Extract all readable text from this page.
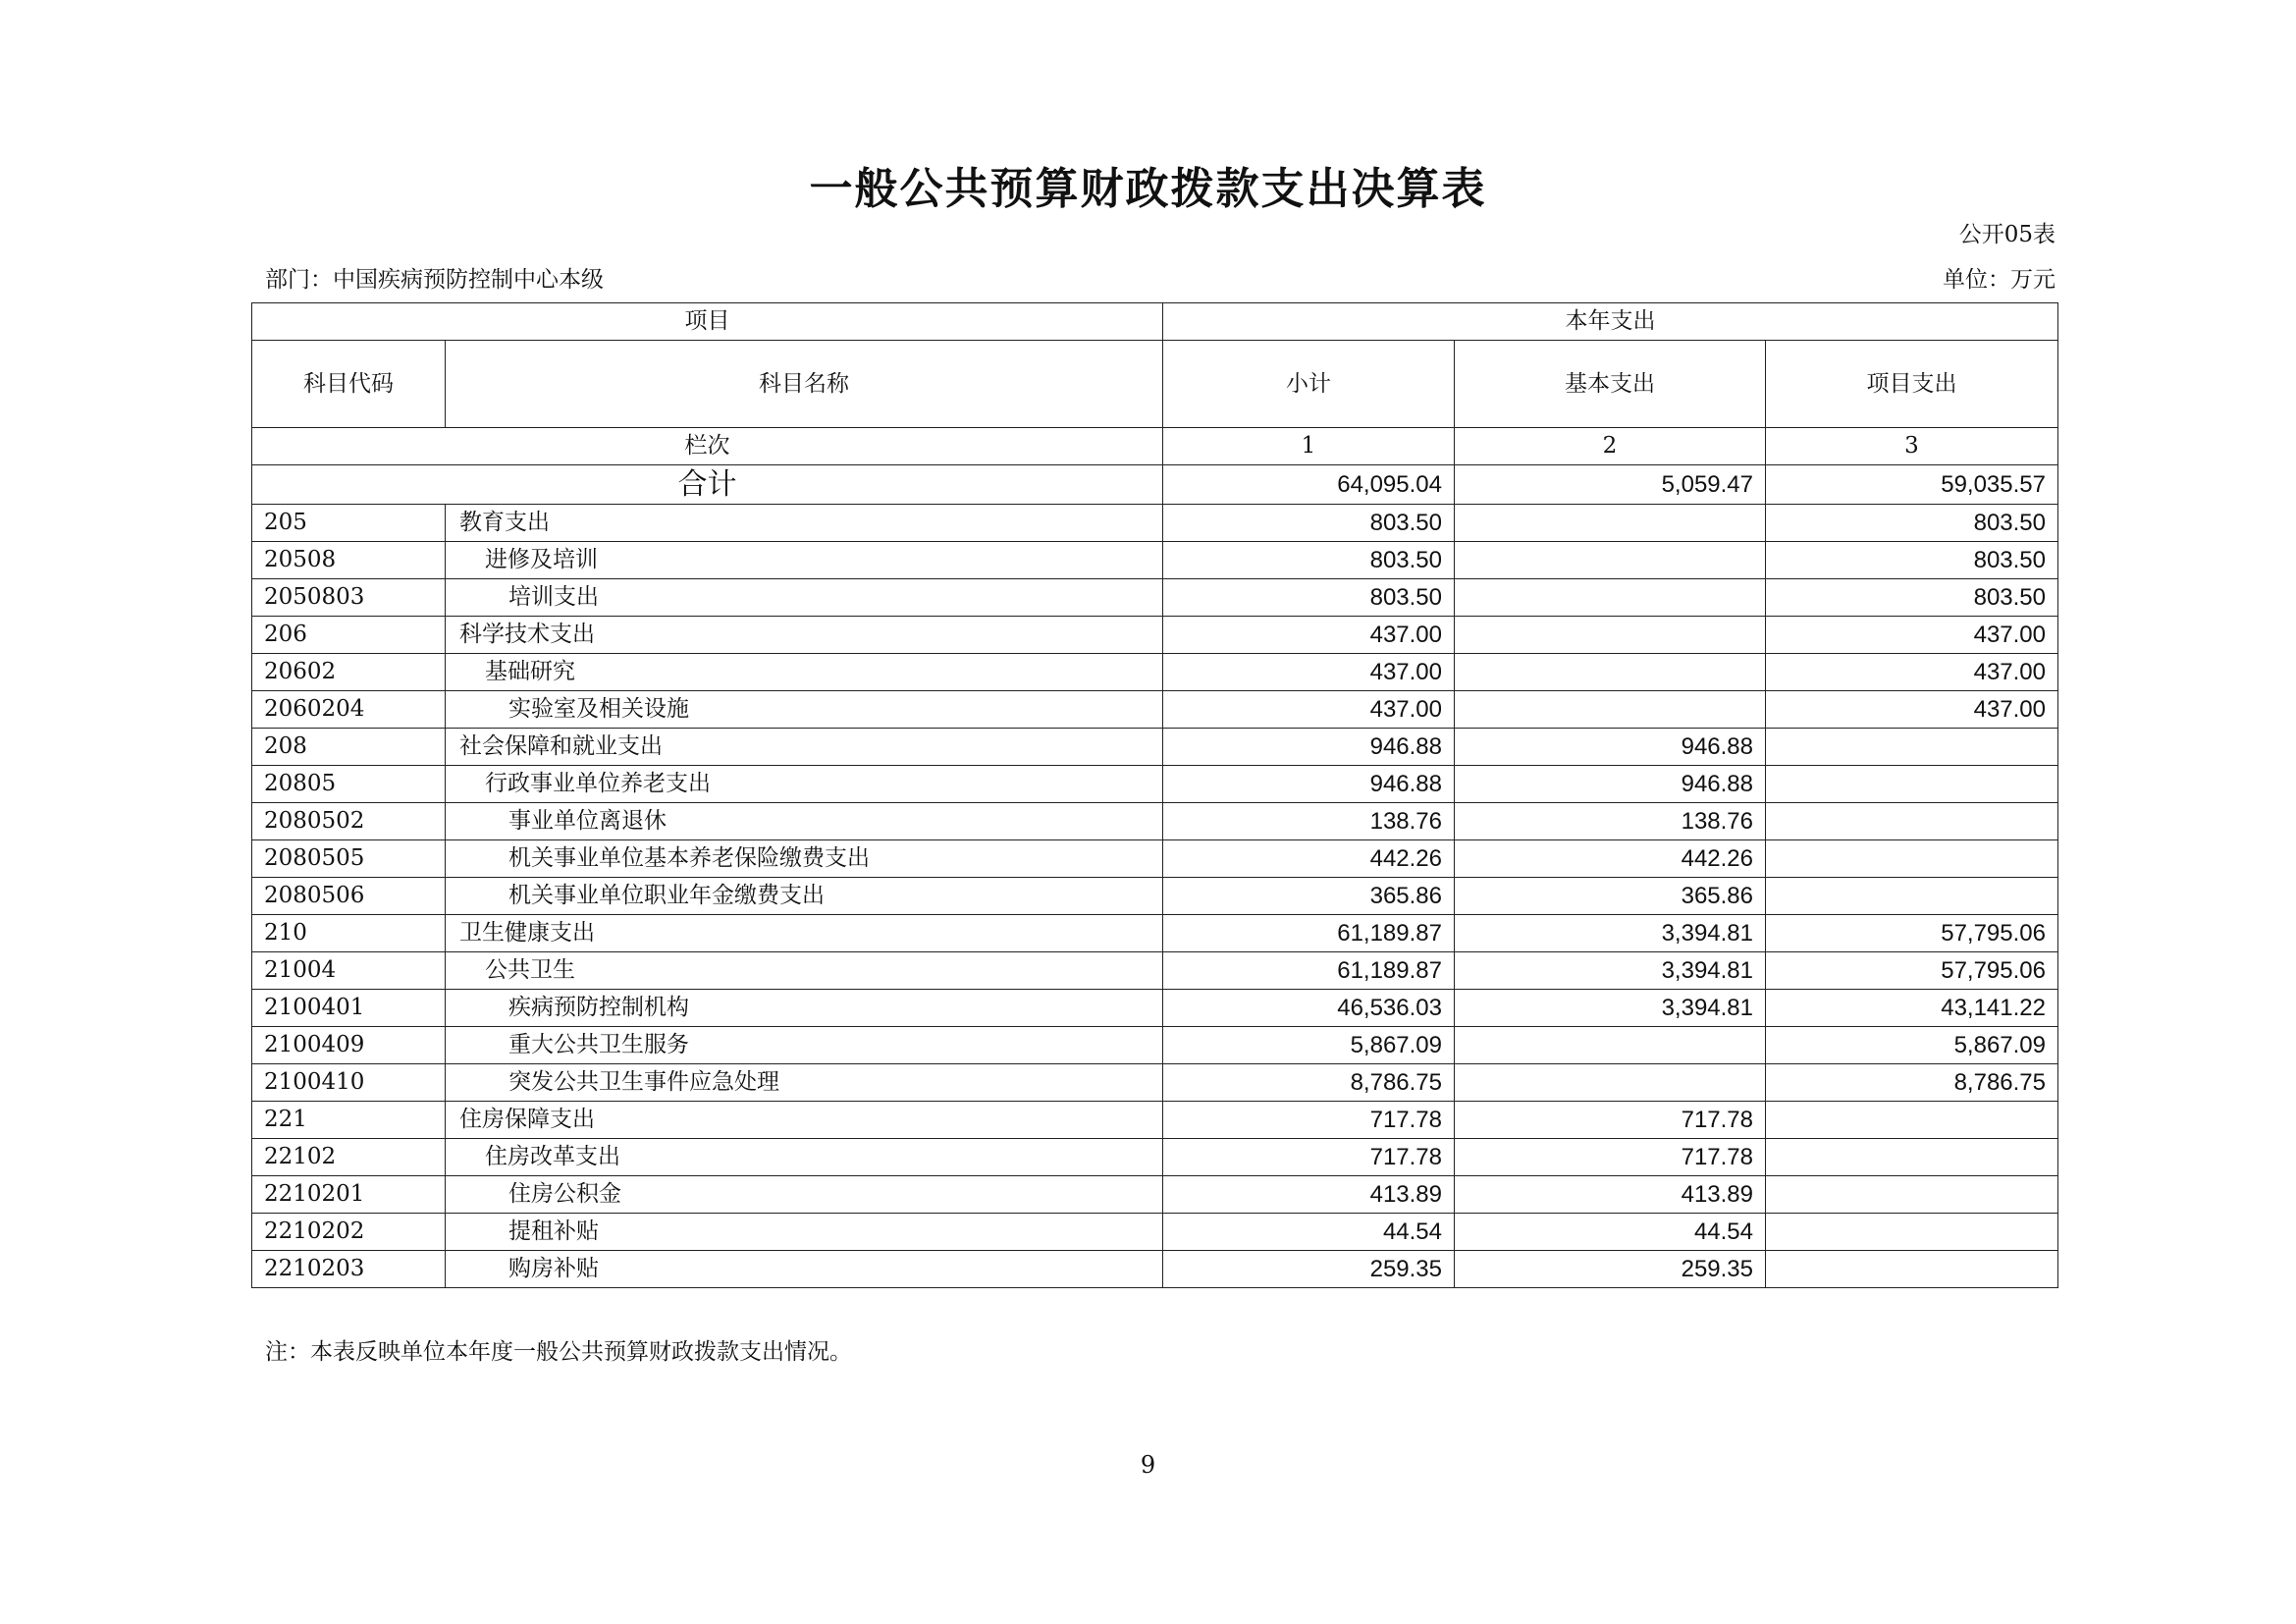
一般公共预算财政拨款支出决算表
公开05表
部门：中国疾病预防控制中心本级	单位：万元
项目		本年支出		
科目代码	科目名称	小计	基本支出	项目支出
栏次		1	2	3
合计		64,095.04	5,059.47	59,035.57
205	教育支出	803.50		803.50
20508	进修及培训	803.50		803.50
2050803	培训支出	803.50		803.50
206	科学技术支出	437.00		437.00
20602	基础研究	437.00		437.00
2060204	实验室及相关设施	437.00		437.00
208	社会保障和就业支出	946.88	946.88	
20805	行政事业单位养老支出	946.88	946.88	
2080502	事业单位离退休	138.76	138.76	
2080505	机关事业单位基本养老保险缴费支出	442.26	442.26	
2080506	机关事业单位职业年金缴费支出	365.86	365.86	
210	卫生健康支出	61,189.87	3,394.81	57,795.06
21004	公共卫生	61,189.87	3,394.81	57,795.06
2100401	疾病预防控制机构	46,536.03	3,394.81	43,141.22
2100409	重大公共卫生服务	5,867.09		5,867.09
2100410	突发公共卫生事件应急处理	8,786.75		8,786.75
221	住房保障支出	717.78	717.78	
22102	住房改革支出	717.78	717.78	
2210201	住房公积金	413.89	413.89	
2210202	提租补贴	44.54	44.54	
2210203	购房补贴	259.35	259.35	
注：本表反映单位本年度一般公共预算财政拨款支出情况。
9
